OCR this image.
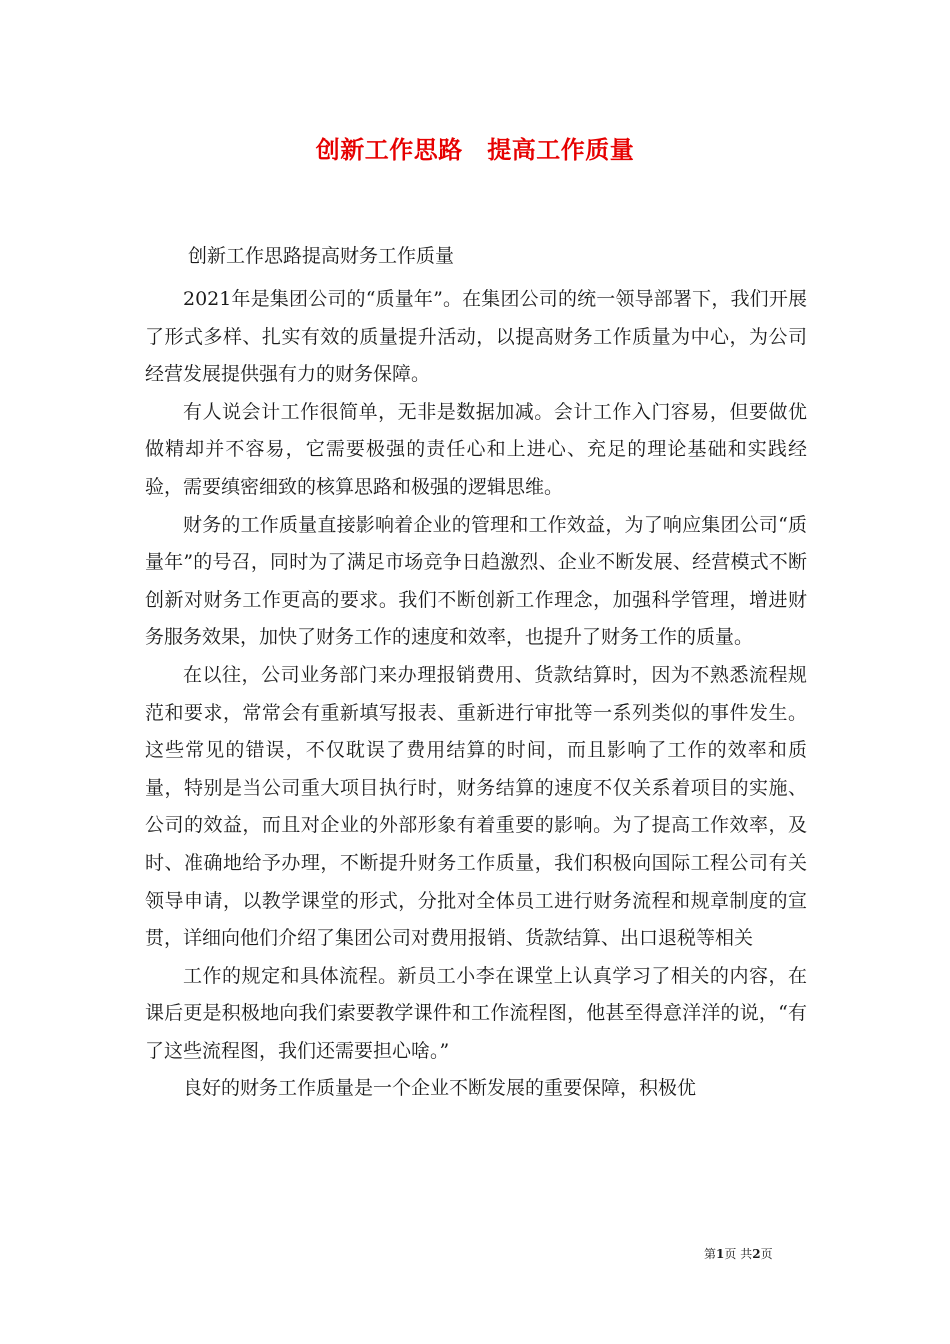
创新工作思路　提高工作质量
创新工作思路提高财务工作质量

2021年是集团公司的“质量年”。在集团公司的统一领导部署下，我们开展了形式多样、扎实有效的质量提升活动，以提高财务工作质量为中心，为公司经营发展提供强有力的财务保障。

有人说会计工作很简单，无非是数据加减。会计工作入门容易，但要做优做精却并不容易，它需要极强的责任心和上进心、充足的理论基础和实践经验，需要缜密细致的核算思路和极强的逻辑思维。

财务的工作质量直接影响着企业的管理和工作效益，为了响应集团公司“质量年”的号召，同时为了满足市场竞争日趋激烈、企业不断发展、经营模式不断创新对财务工作更高的要求。我们不断创新工作理念，加强科学管理，增进财务服务效果，加快了财务工作的速度和效率，也提升了财务工作的质量。

在以往，公司业务部门来办理报销费用、货款结算时，因为不熟悉流程规范和要求，常常会有重新填写报表、重新进行审批等一系列类似的事件发生。这些常见的错误，不仅耽误了费用结算的时间，而且影响了工作的效率和质量，特别是当公司重大项目执行时，财务结算的速度不仅关系着项目的实施、公司的效益，而且对企业的外部形象有着重要的影响。为了提高工作效率，及时、准确地给予办理，不断提升财务工作质量，我们积极向国际工程公司有关领导申请，以教学课堂的形式，分批对全体员工进行财务流程和规章制度的宣贯，详细向他们介绍了集团公司对费用报销、货款结算、出口退税等相关

工作的规定和具体流程。新员工小李在课堂上认真学习了相关的内容，在课后更是积极地向我们索要教学课件和工作流程图，他甚至得意洋洋的说，“有了这些流程图，我们还需要担心啥。”

良好的财务工作质量是一个企业不断发展的重要保障，积极优

第1页 共2页
